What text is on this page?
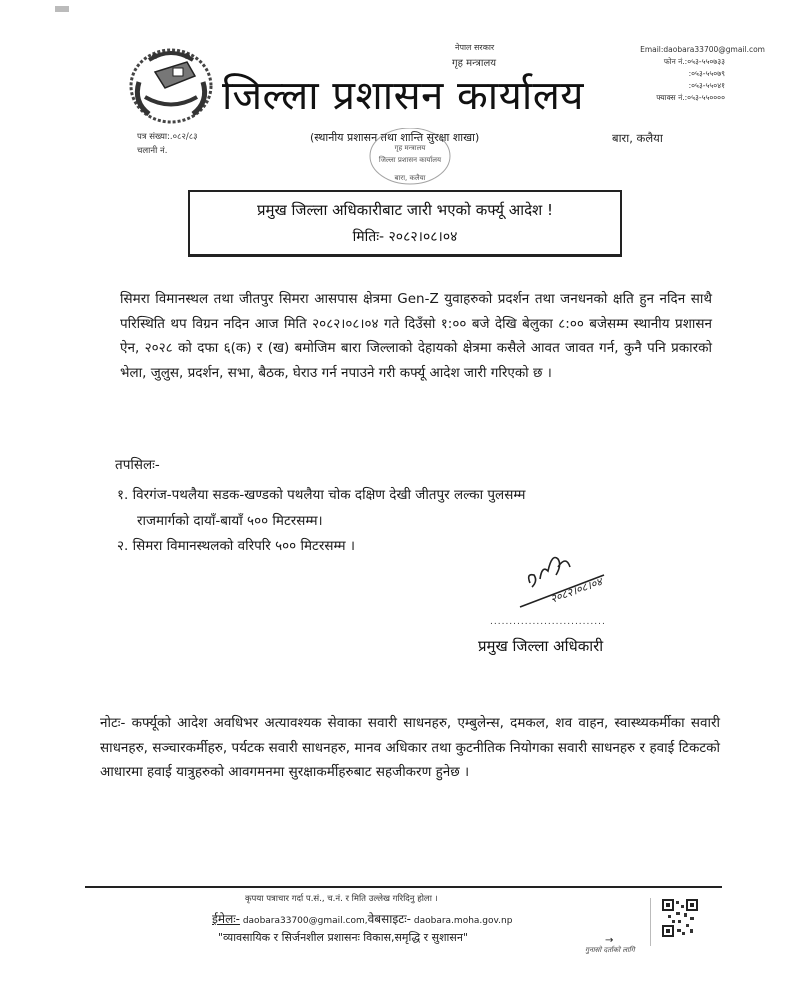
नेपाल सरकार
गृह मन्त्रालय
जिल्ला प्रशासन कार्यालय
Email:daobara33700@gmail.com
फोन नं.:०५३-५५०७३३
:०५३-५५०७९
:०५३-५५०४१
फ्याक्स नं.:०५३-५५००००
पत्र संख्या:.०८२/८३
चलानी नं.
(स्थानीय प्रशासन तथा शान्ति सुरक्षा शाखा)	बारा, कलैया
गृह मन्त्रालय
जिल्ला प्रशासन कार्यालय
बारा, कलैया
प्रमुख जिल्ला अधिकारीबाट जारी भएको कर्फ्यू आदेश !
मितिः- २०८२।०८।०४
सिमरा विमानस्थल तथा जीतपुर सिमरा आसपास क्षेत्रमा Gen-Z युवाहरुको प्रदर्शन तथा जनधनको क्षति हुन नदिन साथै परिस्थिति थप विग्रन नदिन आज मिति २०८२।०८।०४ गते दिउँसो १:०० बजे देखि बेलुका ८:०० बजेसम्म स्थानीय प्रशासन ऐन, २०२८ को दफा ६(क) र (ख) बमोजिम बारा जिल्लाको देहायको क्षेत्रमा कसैले आवत जावत गर्न, कुनै पनि प्रकारको भेला, जुलुस, प्रदर्शन, सभा, बैठक, घेराउ गर्न नपाउने गरी कर्फ्यू आदेश जारी गरिएको छ ।
तपसिलः-
१. विरगंज-पथलैया सडक-खण्डको पथलैया चोक दक्षिण देखी जीतपुर लल्का पुलसम्म
राजमार्गको दायाँ-बायाँ ५०० मिटरसम्म।
२. सिमरा विमानस्थलको वरिपरि ५०० मिटरसम्म ।
२०८२।०८।०४
..............................
प्रमुख जिल्ला अधिकारी
नोटः- कर्फ्यूको आदेश अवधिभर अत्यावश्यक सेवाका सवारी साधनहरु, एम्बुलेन्स, दमकल, शव वाहन, स्वास्थ्यकर्मीका सवारी साधनहरु, सञ्चारकर्मीहरु, पर्यटक सवारी साधनहरु, मानव अधिकार तथा कुटनीतिक नियोगका सवारी साधनहरु र हवाई टिकटको आधारमा हवाई यात्रुहरुको आवगमनमा सुरक्षाकर्मीहरुबाट सहजीकरण हुनेछ ।
कृपया पत्राचार गर्दा प.सं., च.नं. र मिति उल्लेख गरिदिनु होला ।
ईमेलः- daobara33700@gmail.com,वेबसाइटः- daobara.moha.gov.np
"व्यावसायिक र सिर्जनशील प्रशासनः विकास,समृद्धि र सुशासन"	→
गुनासो दर्ताको लागि
